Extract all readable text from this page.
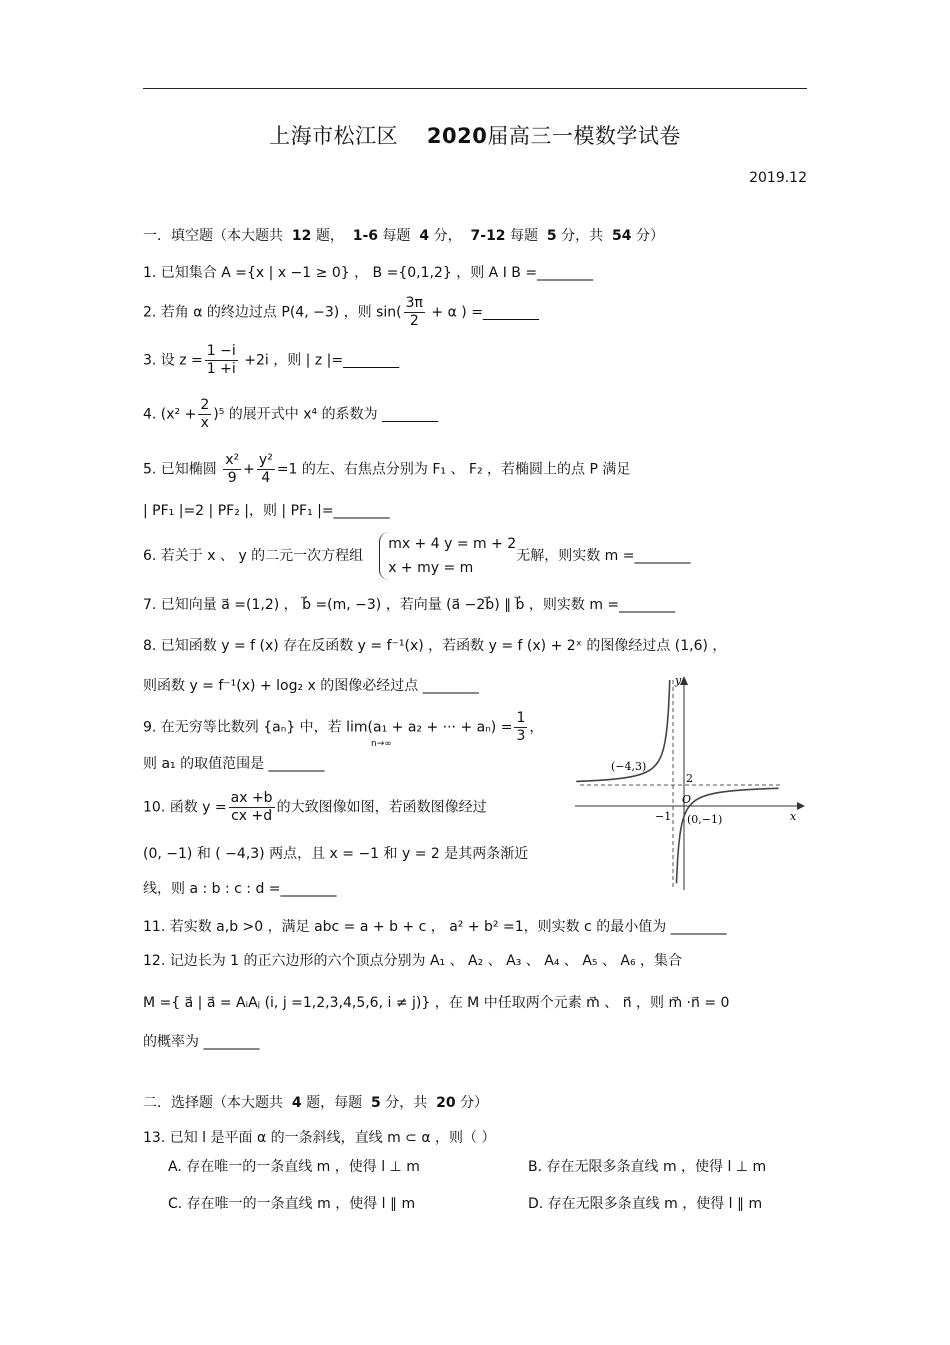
上海市松江区 2020届高三一模数学试卷
2019.12
一．填空题（本大题共 12 题， 1-6 每题 4 分， 7-12 每题 5 分，共 54 分）
1. 已知集合 A ={x | x −1 ≥ 0} ， B ={0,1,2} ，则 A I B =________
2. 若角 α 的终边过点 P(4, −3) ，则 $\sin( \frac{3\pi}{2} + \alpha$ ) =________
3. 设 $z = \frac{1 -i}{1 +i} +2i$ ，则 | z |=________
4. $(x^2 + \frac{2}{x} )^5$ 的展开式中 x⁴ 的系数为 ________
5. 已知椭圆 $\frac{\text{x²}}{9} + \frac{\text{y²}}{4} =1$ 的左、右焦点分别为 F₁ 、 F₂ ，若椭圆上的点 P 满足
| PF₁ |=2 | PF₂ |，则 | PF₁ |=________
6. 若关于 x 、 y 的二元一次方程组
mx + 4 y = m + 2
x + my = m
无解，则实数 m =________
7. 已知向量 a⃗ =(1,2) ， b⃗ =(m, −3) ，若向量 (a⃗ −2b⃗) ∥ b⃗ ，则实数 m =________
8. 已知函数 y = f (x) 存在反函数 y = f⁻¹(x) ，若函数 y = f (x) + 2ˣ 的图像经过点 (1,6) ，
则函数 y = f⁻¹(x) + log₂ x 的图像必经过点 ________
9. 在无穷等比数列 {aₙ} 中，若 lim(a₁ + a₂ + ··· + $a_n) = \frac{1}{3}$ ，
n→∞
则 a₁ 的取值范围是 ________
10. 函数 $y = \frac{ax +b}{cx +d}$ 的大致图像如图，若函数图像经过
(0, −1) 和 ( −4,3) 两点，且 x = −1 和 y = 2 是其两条渐近
线，则 a : b : c : d =________
11. 若实数 a,b >0 ，满足 abc = a + b + c ， a² + b² =1，则实数 c 的最小值为 ________
12. 记边长为 1 的正六边形的六个顶点分别为 A₁ 、 A₂ 、 A₃ 、 A₄ 、 A₅ 、 A₆ ，集合
M ={ a⃗ | a⃗ = AᵢAⱼ (i, j =1,2,3,4,5,6, i ≠ j)} ，在 M 中任取两个元素 m⃗ 、 n⃗ ，则 m⃗ ·n⃗ = 0
的概率为 ________
二．选择题（本大题共 4 题，每题 5 分，共 20 分）
13. 已知 l 是平面 α 的一条斜线，直线 m ⊂ α ，则（ ）
A. 存在唯一的一条直线 m ，使得 l ⊥ m	B. 存在无限多条直线 m ，使得 l ⊥ m
C. 存在唯一的一条直线 m ，使得 l ∥ m	D. 存在无限多条直线 m ，使得 l ∥ m
y
x
O
(−4,3)
(0,−1)
2
−1
